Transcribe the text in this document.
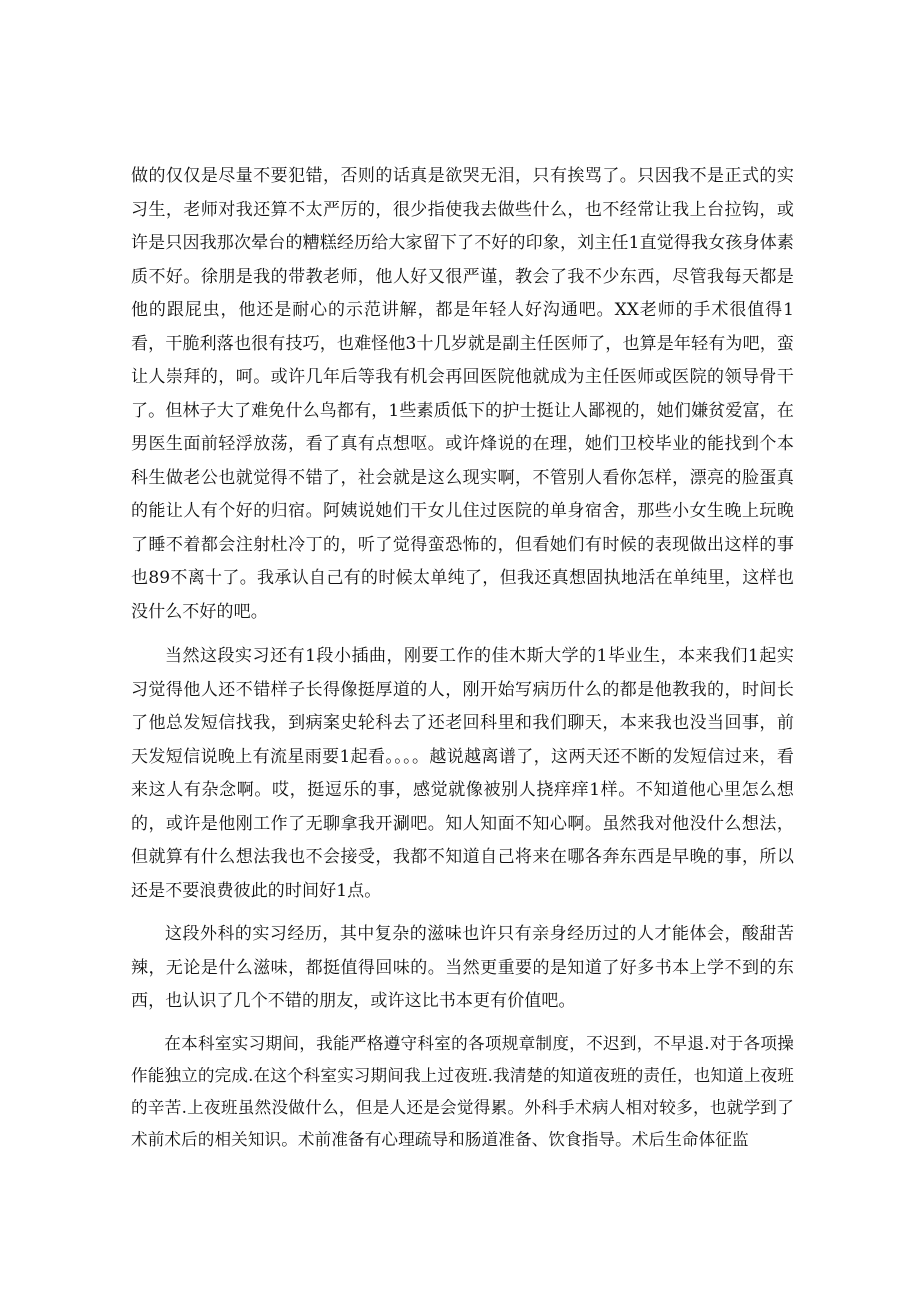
做的仅仅是尽量不要犯错，否则的话真是欲哭无泪，只有挨骂了。只因我不是正式的实习生，老师对我还算不太严厉的，很少指使我去做些什么，也不经常让我上台拉钩，或许是只因我那次晕台的糟糕经历给大家留下了不好的印象，刘主任1直觉得我女孩身体素质不好。徐朋是我的带教老师，他人好又很严谨，教会了我不少东西，尽管我每天都是他的跟屁虫，他还是耐心的示范讲解，都是年轻人好沟通吧。XX老师的手术很值得1看，干脆利落也很有技巧，也难怪他3十几岁就是副主任医师了，也算是年轻有为吧，蛮让人崇拜的，呵。或许几年后等我有机会再回医院他就成为主任医师或医院的领导骨干了。但林子大了难免什么鸟都有，1些素质低下的护士挺让人鄙视的，她们嫌贫爱富，在男医生面前轻浮放荡，看了真有点想呕。或许烽说的在理，她们卫校毕业的能找到个本科生做老公也就觉得不错了，社会就是这么现实啊，不管别人看你怎样，漂亮的脸蛋真的能让人有个好的归宿。阿姨说她们干女儿住过医院的单身宿舍，那些小女生晚上玩晚了睡不着都会注射杜冷丁的，听了觉得蛮恐怖的，但看她们有时候的表现做出这样的事也89不离十了。我承认自己有的时候太单纯了，但我还真想固执地活在单纯里，这样也没什么不好的吧。

当然这段实习还有1段小插曲，刚要工作的佳木斯大学的1毕业生，本来我们1起实习觉得他人还不错样子长得像挺厚道的人，刚开始写病历什么的都是他教我的，时间长了他总发短信找我，到病案史轮科去了还老回科里和我们聊天，本来我也没当回事，前天发短信说晚上有流星雨要1起看。。。。越说越离谱了，这两天还不断的发短信过来，看来这人有杂念啊。哎，挺逗乐的事，感觉就像被别人挠痒痒1样。不知道他心里怎么想的，或许是他刚工作了无聊拿我开涮吧。知人知面不知心啊。虽然我对他没什么想法，但就算有什么想法我也不会接受，我都不知道自己将来在哪各奔东西是早晚的事，所以还是不要浪费彼此的时间好1点。

这段外科的实习经历，其中复杂的滋味也许只有亲身经历过的人才能体会，酸甜苦辣，无论是什么滋味，都挺值得回味的。当然更重要的是知道了好多书本上学不到的东西，也认识了几个不错的朋友，或许这比书本更有价值吧。

在本科室实习期间，我能严格遵守科室的各项规章制度，不迟到，不早退.对于各项操作能独立的完成.在这个科室实习期间我上过夜班.我清楚的知道夜班的责任，也知道上夜班的辛苦.上夜班虽然没做什么，但是人还是会觉得累。外科手术病人相对较多，也就学到了术前术后的相关知识。术前准备有心理疏导和肠道准备、饮食指导。术后生命体征监
